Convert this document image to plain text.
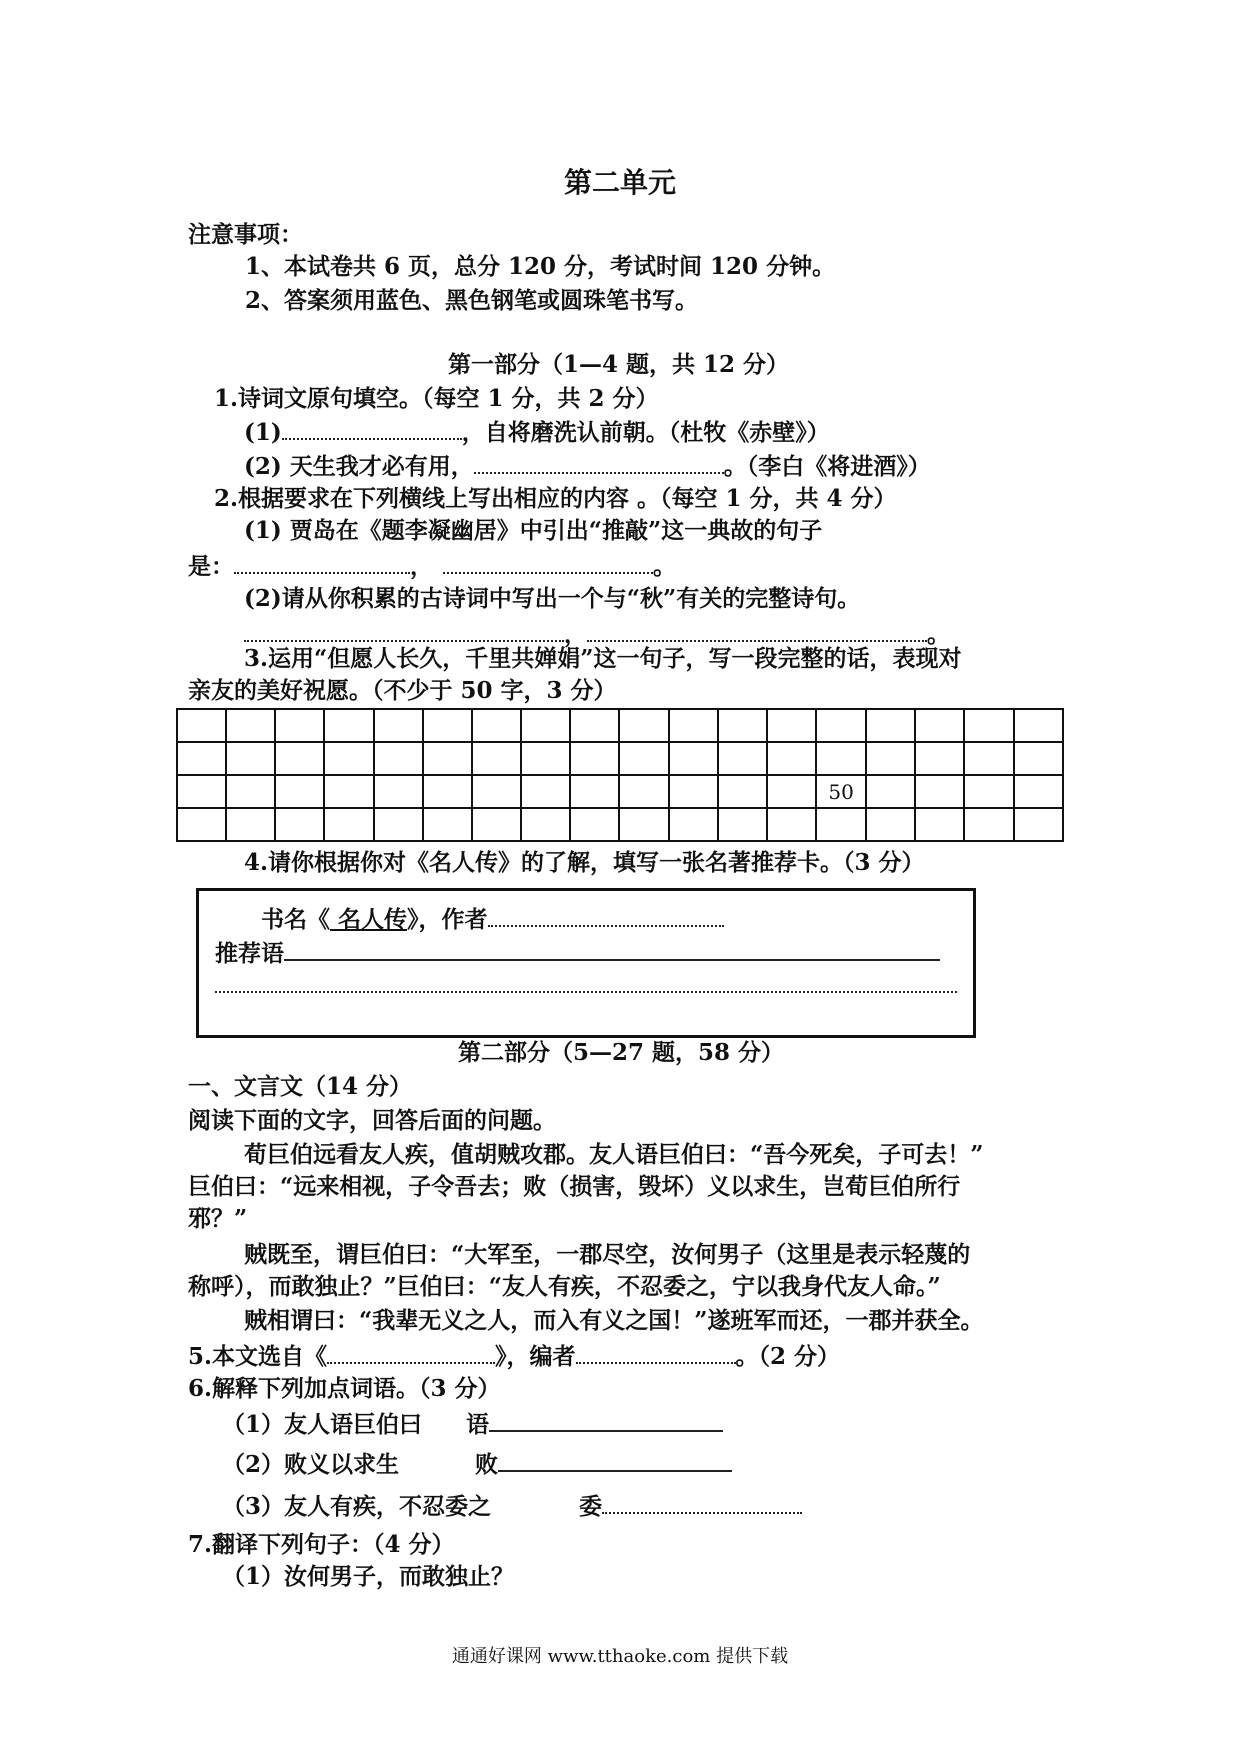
第二单元
注意事项：
1、本试卷共 6 页，总分 120 分，考试时间 120 分钟。
2、答案须用蓝色、黑色钢笔或圆珠笔书写。
第一部分（1—4 题，共 12 分）
1.诗词文原句填空。（每空 1 分，共 2 分）
(1)	，自将磨洗认前朝。（杜牧《赤壁》）
(2) 天生我才必有用，	。（李白《将进酒》）
2.根据要求在下列横线上写出相应的内容 。（每空 1 分，共 4 分）
(1) 贾岛在《题李凝幽居》中引出“推敲”这一典故的句子
是：	，	。
(2)请从你积累的古诗词中写出一个与“秋”有关的完整诗句。
，	。
3.运用“但愿人长久，千里共婵娟”这一句子，写一段完整的话，表现对
亲友的美好祝愿。（不少于 50 字，3 分）

													50				

4.请你根据你对《名人传》的了解，填写一张名著推荐卡。（3 分）
书名《 名人传》，作者
推荐语
第二部分（5—27 题，58 分）
一、文言文（14 分）
阅读下面的文字，回答后面的问题。
荀巨伯远看友人疾，值胡贼攻郡。友人语巨伯曰：“吾今死矣，子可去！”
巨伯曰：“远来相视，子令吾去；败（损害，毁坏）义以求生，岂荀巨伯所行
邪？”
贼既至，谓巨伯曰：“大军至，一郡尽空，汝何男子（这里是表示轻蔑的
称呼），而敢独止？”巨伯曰：“友人有疾，不忍委之，宁以我身代友人命。”
贼相谓曰：“我辈无义之人，而入有义之国！”遂班军而还，一郡并获全。
5.本文选自《	》，编者	。（2 分）
6.解释下列加点词语。（3 分）
（1）友人语巨伯曰 语
（2）败义以求生	败
（3）友人有疾，不忍委之	委
7.翻译下列句子：（4 分）
（1）汝何男子，而敢独止？
通通好课网 www.tthaoke.com 提供下载
